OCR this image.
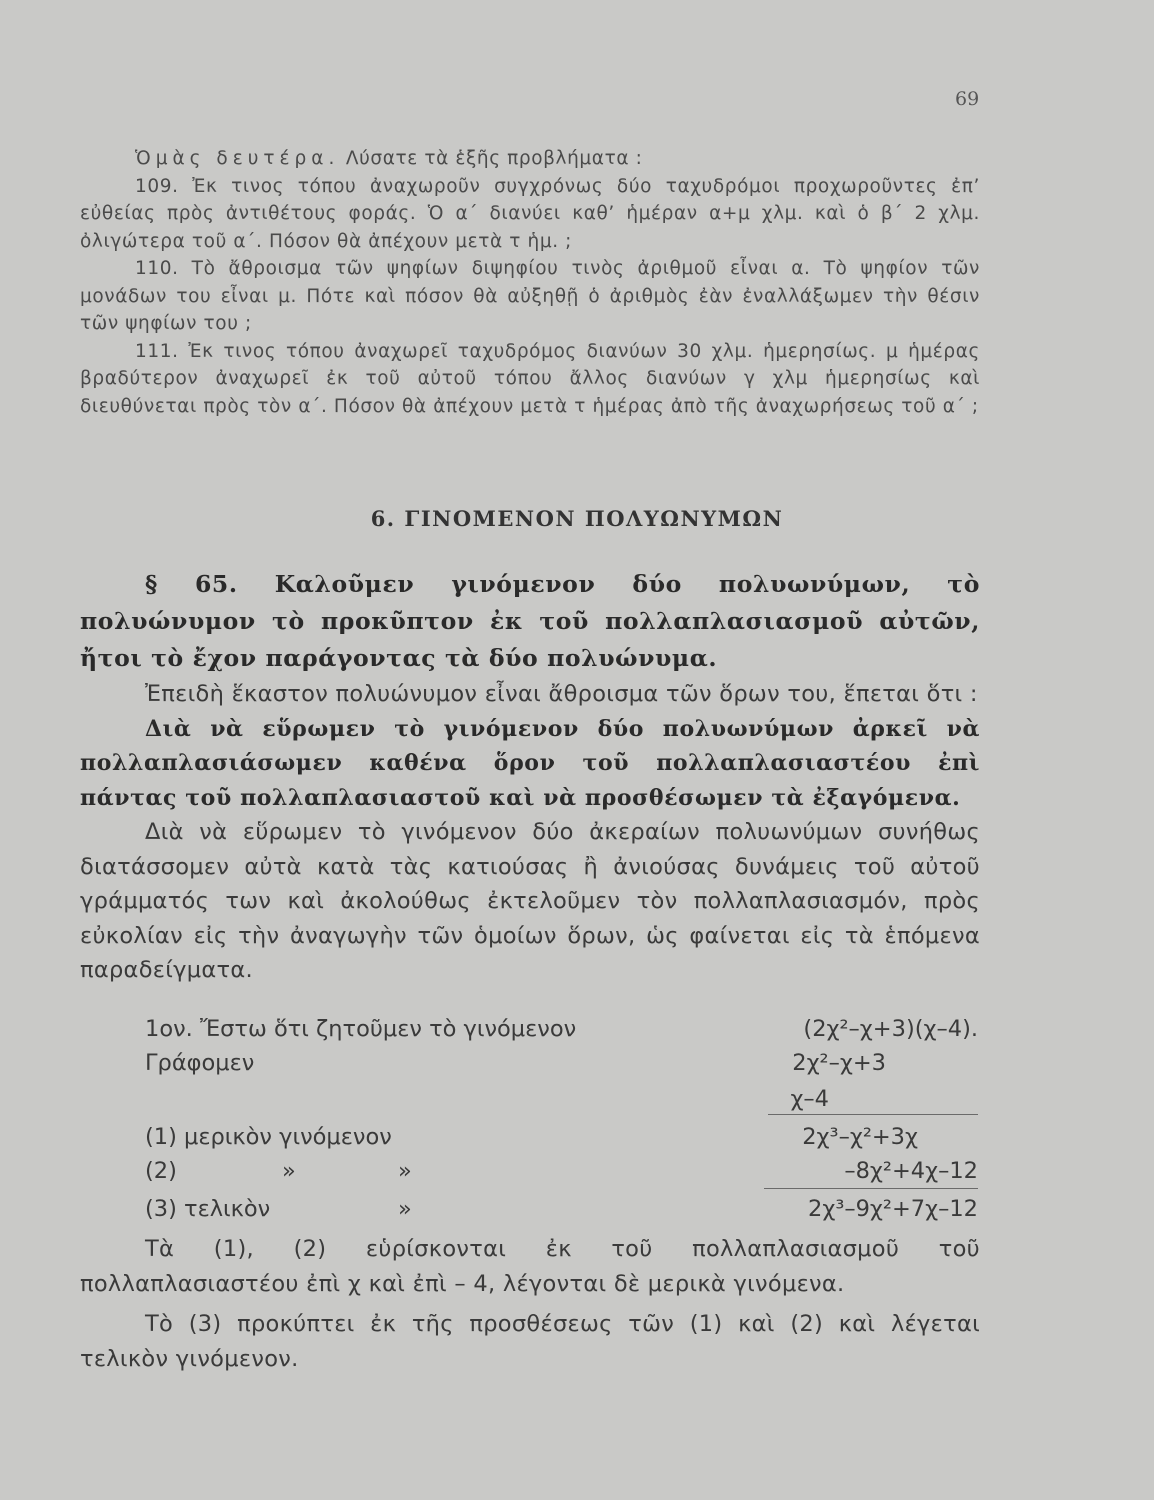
69

Ὁμὰς δευτέρα. Λύσατε τὰ ἑξῆς προβλήματα :

109. Ἐκ τινος τόπου ἀναχωροῦν συγχρόνως δύο ταχυδρόμοι προχωροῦντες ἐπ’ εὐθείας πρὸς ἀντιθέτους φοράς. Ὁ α΄ διανύει καθ’ ἡμέραν α+μ χλμ. καὶ ὁ β΄ 2 χλμ. ὀλιγώτερα τοῦ α΄. Πόσον θὰ ἀπέχουν μετὰ τ ἡμ. ;

110. Τὸ ἄθροισμα τῶν ψηφίων διψηφίου τινὸς ἀριθμοῦ εἶναι α. Τὸ ψηφίον τῶν μονάδων του εἶναι μ. Πότε καὶ πόσον θὰ αὐξηθῇ ὁ ἀριθμὸς ἐὰν ἐναλλάξωμεν τὴν θέσιν τῶν ψηφίων του ;

111. Ἐκ τινος τόπου ἀναχωρεῖ ταχυδρόμος διανύων 30 χλμ. ἡμερησίως. μ ἡμέρας βραδύτερον ἀναχωρεῖ ἐκ τοῦ αὐτοῦ τόπου ἄλλος διανύων γ χλμ ἡμερησίως καὶ διευθύνεται πρὸς τὸν α΄. Πόσον θὰ ἀπέχουν μετὰ τ ἡμέρας ἀπὸ τῆς ἀναχωρήσεως τοῦ α΄ ;

6. ΓΙΝΟΜΕΝΟΝ ΠΟΛΥΩΝΥΜΩΝ

§ 65. Καλοῦμεν γινόμενον δύο πολυωνύμων, τὸ πολυώνυμον τὸ προκῦπτον ἐκ τοῦ πολλαπλασιασμοῦ αὐτῶν, ἤτοι τὸ ἔχον παράγοντας τὰ δύο πολυώνυμα.

Ἐπειδὴ ἕκαστον πολυώνυμον εἶναι ἄθροισμα τῶν ὅρων του, ἕπεται ὅτι :

Διὰ νὰ εὕρωμεν τὸ γινόμενον δύο πολυωνύμων ἀρκεῖ νὰ πολλαπλασιάσωμεν καθένα ὅρον τοῦ πολλαπλασιαστέου ἐπὶ πάντας τοῦ πολλαπλασιαστοῦ καὶ νὰ προσθέσωμεν τὰ ἐξαγόμενα.

Διὰ νὰ εὕρωμεν τὸ γινόμενον δύο ἀκεραίων πολυωνύμων συνήθως διατάσσομεν αὐτὰ κατὰ τὰς κατιούσας ἢ ἀνιούσας δυνάμεις τοῦ αὐτοῦ γράμματός των καὶ ἀκολούθως ἐκτελοῦμεν τὸν πολλαπλασιασμόν, πρὸς εὐκολίαν εἰς τὴν ἀναγωγὴν τῶν ὁμοίων ὅρων, ὡς φαίνεται εἰς τὰ ἑπόμενα παραδείγματα.

1ον. Ἔστω ὅτι ζητοῦμεν τὸ γινόμενον	(2χ²–χ+3)(χ–4).
Γράφομεν	2χ²–χ+3
χ–4
(1) μερικὸν γινόμενον	2χ³–χ²+3χ
(2)	»	»	–8χ²+4χ–12
(3) τελικὸν	»	2χ³–9χ²+7χ–12

Τὰ (1), (2) εὑρίσκονται ἐκ τοῦ πολλαπλασιασμοῦ τοῦ πολλαπλασιαστέου ἐπὶ χ καὶ ἐπὶ – 4, λέγονται δὲ μερικὰ γινόμενα.

Τὸ (3) προκύπτει ἐκ τῆς προσθέσεως τῶν (1) καὶ (2) καὶ λέγεται τελικὸν γινόμενον.
